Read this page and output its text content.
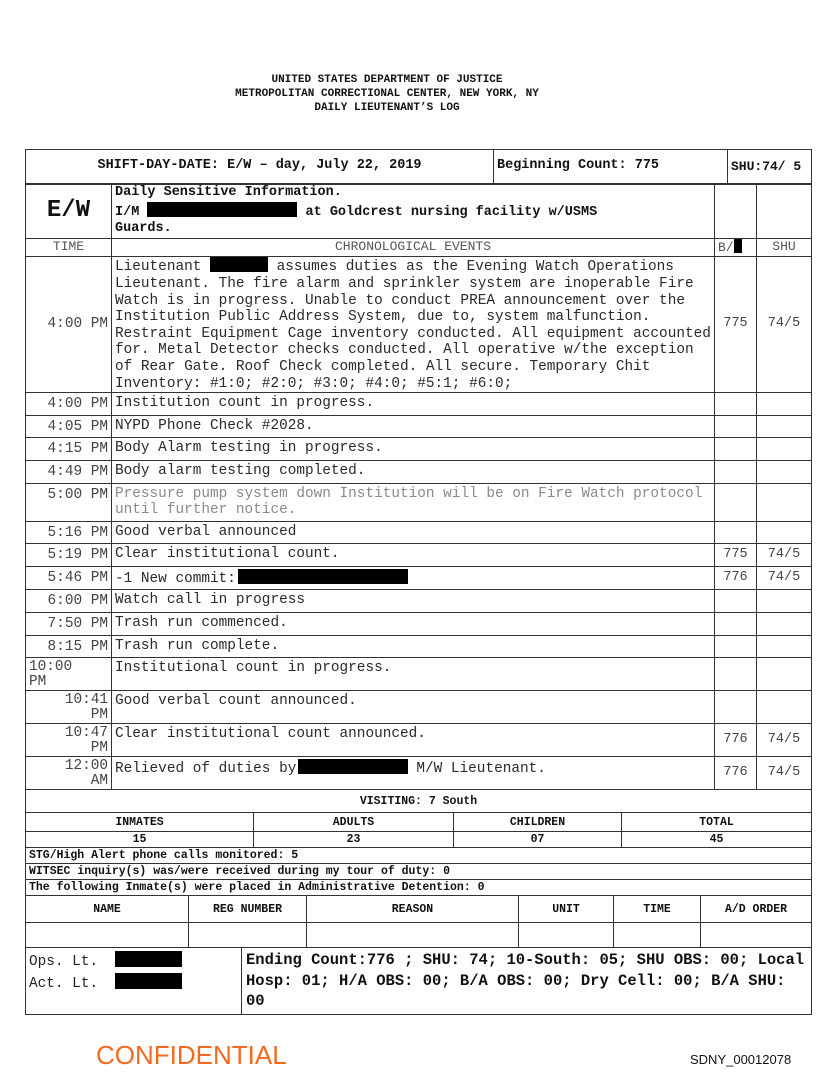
UNITED STATES DEPARTMENT OF JUSTICE
METROPOLITAN CORRECTIONAL CENTER, NEW YORK, NY
DAILY LIEUTENANT’S LOG
SHIFT-DAY-DATE: E/W – day, July 22, 2019	Beginning Count: 775	SHU:74/ 5
E/W	Daily Sensitive Information.
I/M at Goldcrest nursing facility w/USMS
Guards.		

TIME	CHRONOLOGICAL EVENTS	B/	SHU
4:00 PM	Lieutenant assumes duties as the Evening Watch Operations Lieutenant. The fire alarm and sprinkler system are inoperable Fire Watch is in progress. Unable to conduct PREA announcement over the Institution Public Address System, due to, system malfunction. Restraint Equipment Cage inventory conducted. All equipment accounted for. Metal Detector checks conducted. All operative w/the exception of Rear Gate. Roof Check completed. All secure. Temporary Chit Inventory: #1:0; #2:0; #3:0; #4:0; #5:1; #6:0;	775	74/5
4:00 PM	Institution count in progress.		
4:05 PM	NYPD Phone Check #2028.		
4:15 PM	Body Alarm testing in progress.		
4:49 PM	Body alarm testing completed.		
5:00 PM	Pressure pump system down Institution will be on Fire Watch protocol until further notice.		
5:16 PM	Good verbal announced		
5:19 PM	Clear institutional count.	775	74/5
5:46 PM	-1 New commit:	776	74/5
6:00 PM	Watch call in progress		
7:50 PM	Trash run commenced.		
8:15 PM	Trash run complete.		
10:00 PM	Institutional count in progress.		
10:41 PM	Good verbal count announced.		
10:47 PM	Clear institutional count announced.	776	74/5
12:00 AM	Relieved of duties by M/W Lieutenant.	776	74/5
CONFIDENTIAL	SDNY_00012078
VISITING: 7 South			
INMATES	ADULTS	CHILDREN	TOTAL
15	23	07	45
STG/High Alert phone calls monitored: 5			
WITSEC inquiry(s) was/were received during my tour of duty: 0			
The following Inmate(s) were placed in Administrative Detention: 0			
NAME	REG NUMBER	REASON	UNIT	TIME	A/D ORDER

Ops. Lt.
Act. Lt.
	Ending Count:776 ; SHU: 74; 10-South: 05; SHU OBS: 00; Local Hosp: 01; H/A OBS: 00; B/A OBS: 00; Dry Cell: 00; B/A SHU: 00
